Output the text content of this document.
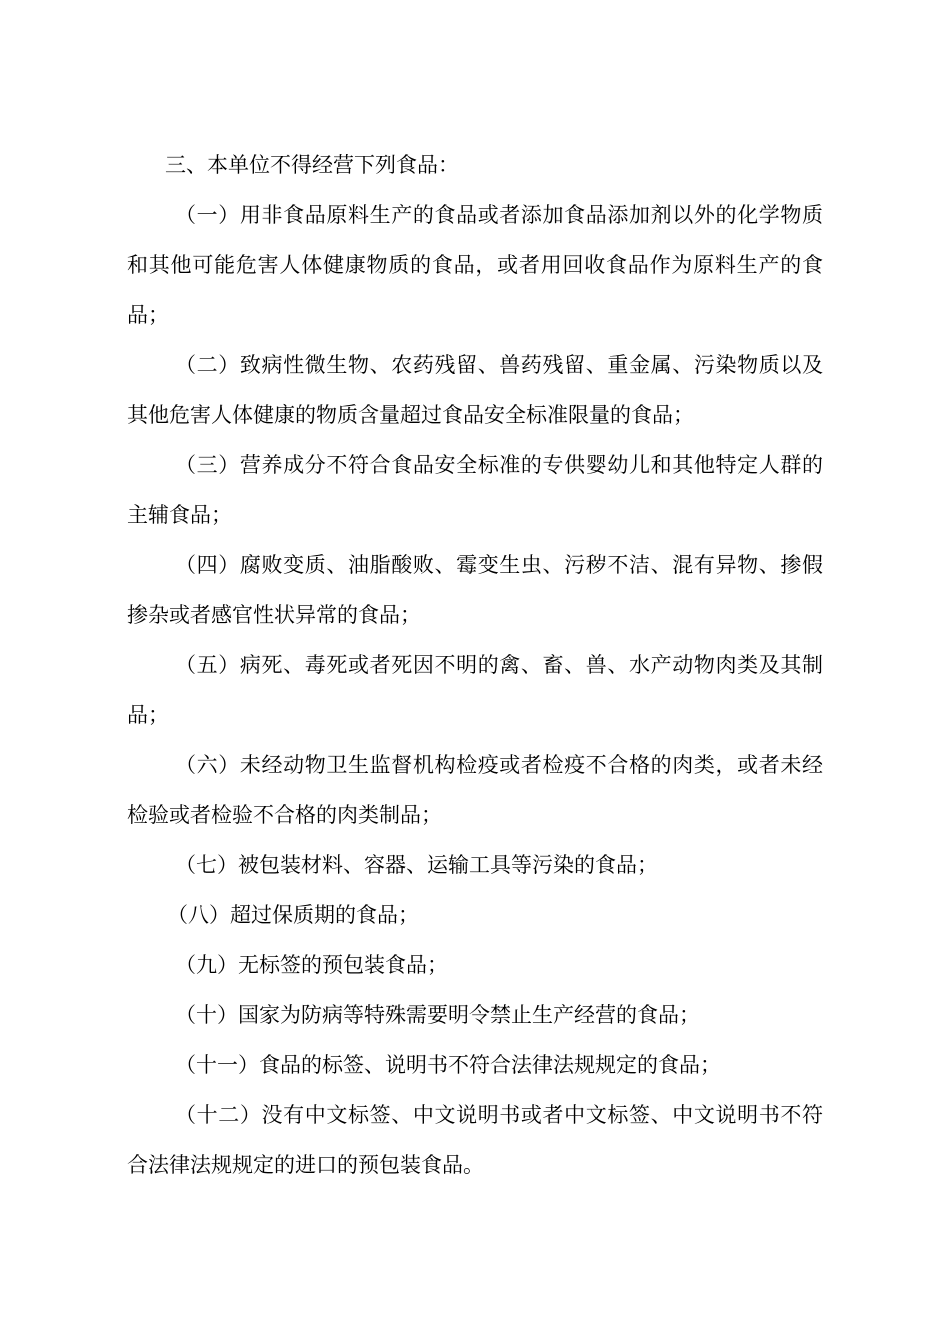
三、本单位不得经营下列食品：

（一）用非食品原料生产的食品或者添加食品添加剂以外的化学物质和其他可能危害人体健康物质的食品，或者用回收食品作为原料生产的食品；

（二）致病性微生物、农药残留、兽药残留、重金属、污染物质以及其他危害人体健康的物质含量超过食品安全标准限量的食品；

（三）营养成分不符合食品安全标准的专供婴幼儿和其他特定人群的主辅食品；

（四）腐败变质、油脂酸败、霉变生虫、污秽不洁、混有异物、掺假掺杂或者感官性状异常的食品；

（五）病死、毒死或者死因不明的禽、畜、兽、水产动物肉类及其制品；

（六）未经动物卫生监督机构检疫或者检疫不合格的肉类，或者未经检验或者检验不合格的肉类制品；

（七）被包装材料、容器、运输工具等污染的食品；

（八）超过保质期的食品；

（九）无标签的预包装食品；

（十）国家为防病等特殊需要明令禁止生产经营的食品；

（十一）食品的标签、说明书不符合法律法规规定的食品；

（十二）没有中文标签、中文说明书或者中文标签、中文说明书不符合法律法规规定的进口的预包装食品。
